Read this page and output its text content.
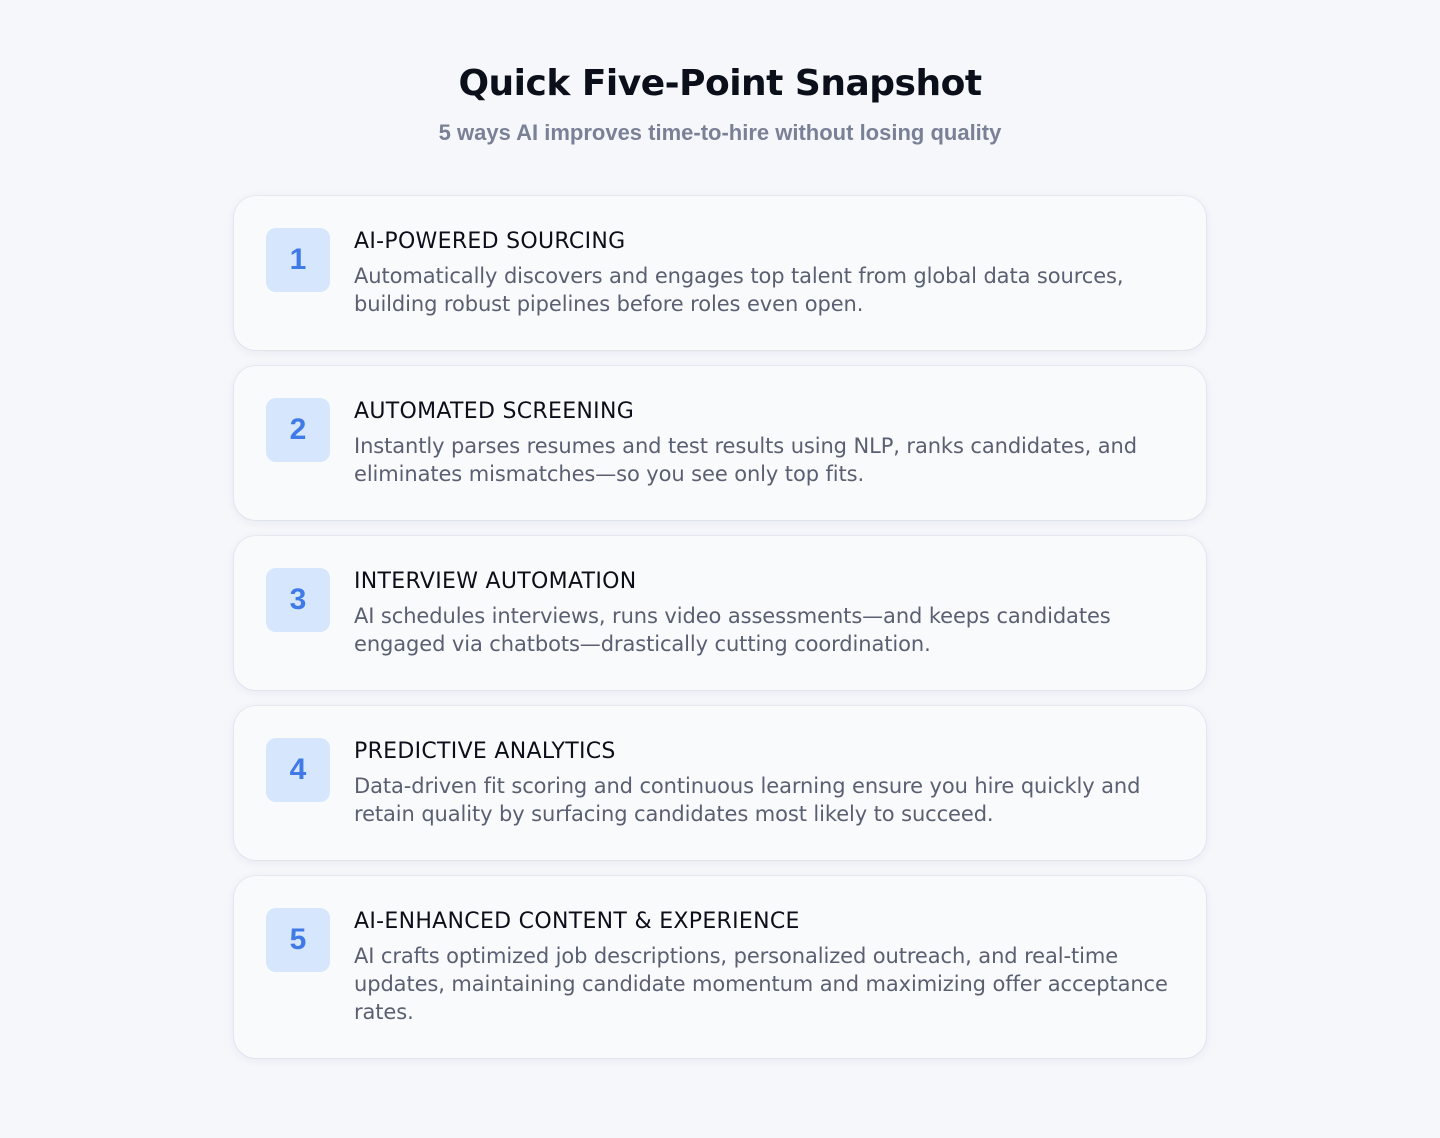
Quick Five-Point Snapshot
5 ways AI improves time-to-hire without losing quality
1
AI-POWERED SOURCING
Automatically discovers and engages top talent from global data sources, building robust pipelines before roles even open.
2
AUTOMATED SCREENING
Instantly parses resumes and test results using NLP, ranks candidates, and eliminates mismatches—so you see only top fits.
3
INTERVIEW AUTOMATION
AI schedules interviews, runs video assessments—and keeps candidates engaged via chatbots—drastically cutting coordination.
4
PREDICTIVE ANALYTICS
Data-driven fit scoring and continuous learning ensure you hire quickly and retain quality by surfacing candidates most likely to succeed.
5
AI-ENHANCED CONTENT & EXPERIENCE
AI crafts optimized job descriptions, personalized outreach, and real-time updates, maintaining candidate momentum and maximizing offer acceptance rates.
